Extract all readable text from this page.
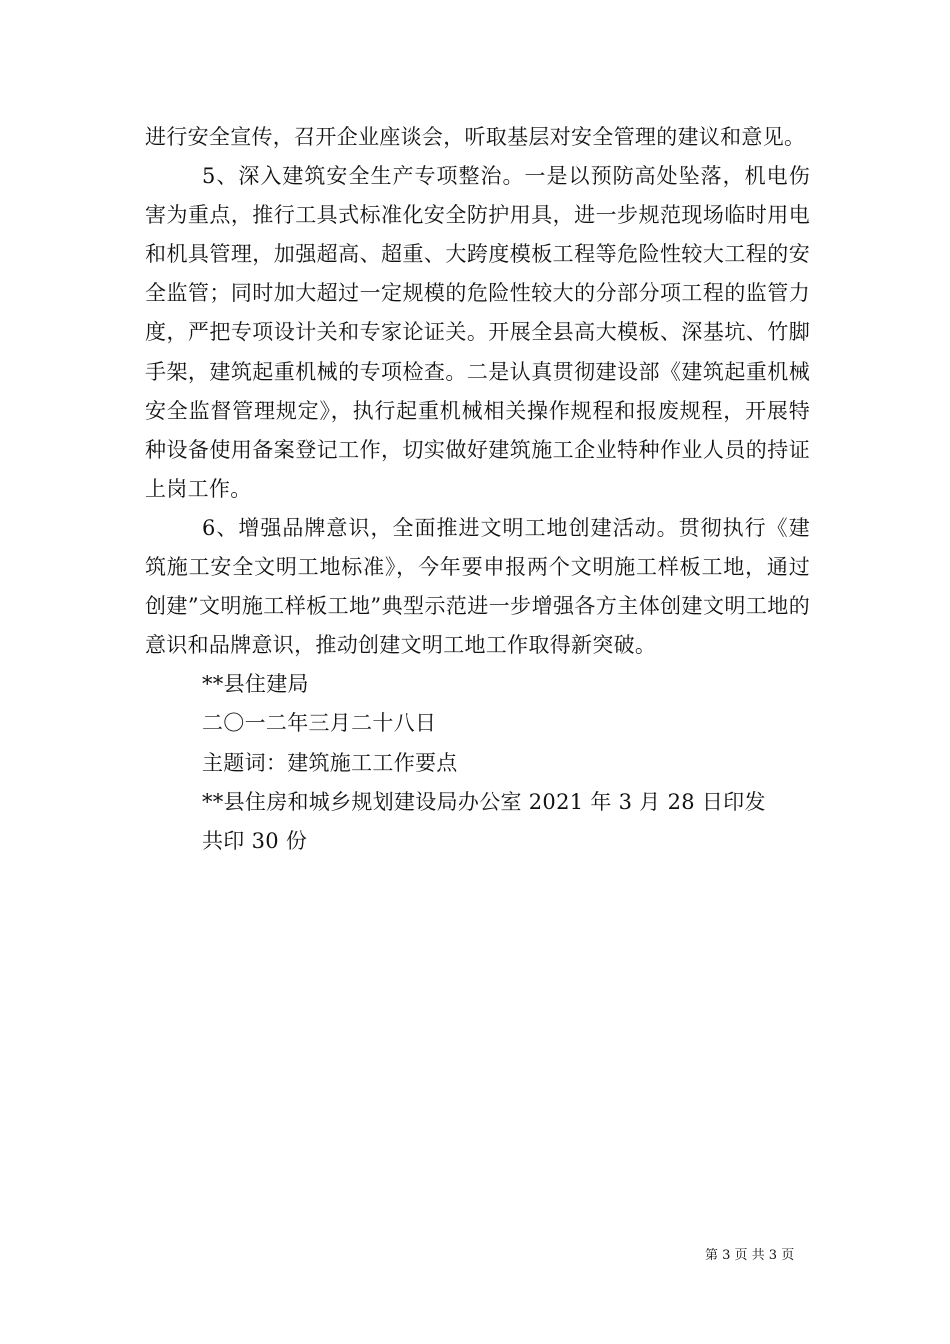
进行安全宣传，召开企业座谈会，听取基层对安全管理的建议和意见。

5、深入建筑安全生产专项整治。一是以预防高处坠落，机电伤害为重点，推行工具式标准化安全防护用具，进一步规范现场临时用电和机具管理，加强超高、超重、大跨度模板工程等危险性较大工程的安全监管；同时加大超过一定规模的危险性较大的分部分项工程的监管力度，严把专项设计关和专家论证关。开展全县高大模板、深基坑、竹脚手架，建筑起重机械的专项检查。二是认真贯彻建设部《建筑起重机械安全监督管理规定》，执行起重机械相关操作规程和报废规程，开展特种设备使用备案登记工作，切实做好建筑施工企业特种作业人员的持证上岗工作。

6、增强品牌意识，全面推进文明工地创建活动。贯彻执行《建筑施工安全文明工地标准》，今年要申报两个文明施工样板工地，通过创建”文明施工样板工地”典型示范进一步增强各方主体创建文明工地的意识和品牌意识，推动创建文明工地工作取得新突破。

**县住建局

二〇一二年三月二十八日

主题词：建筑施工工作要点

**县住房和城乡规划建设局办公室 2021 年 3 月 28 日印发

共印 30 份

第 3 页 共 3 页
